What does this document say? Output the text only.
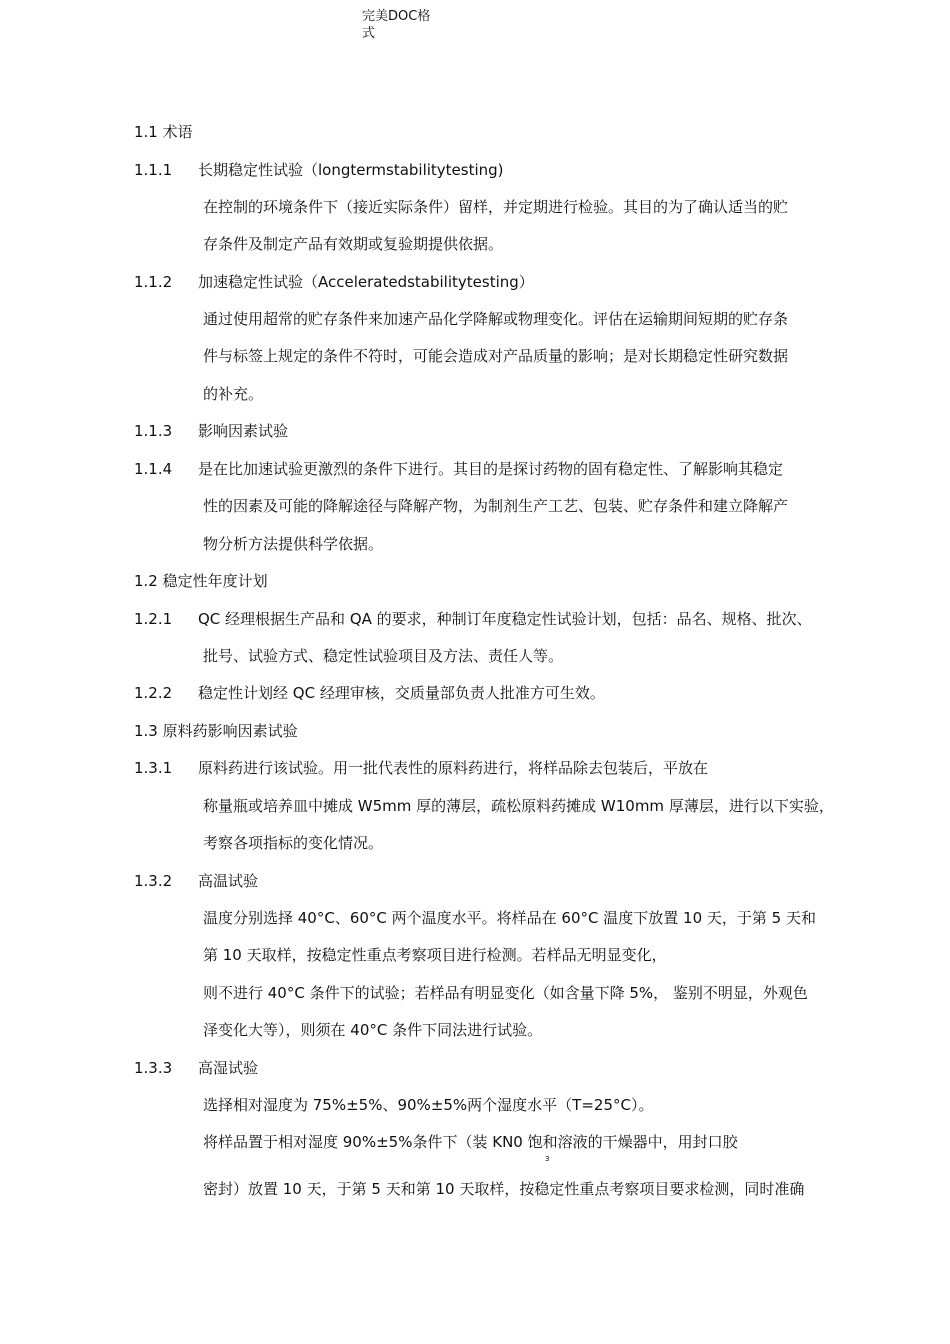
完美DOC格
式
1.1 术语
1.1.1 长期稳定性试验（longtermstabilitytesting)
在控制的环境条件下（接近实际条件）留样，并定期进行检验。其目的为了确认适当的贮
存条件及制定产品有效期或复验期提供依据。
1.1.2 加速稳定性试验（Acceleratedstabilitytesting）
通过使用超常的贮存条件来加速产品化学降解或物理变化。评估在运输期间短期的贮存条
件与标签上规定的条件不符时，可能会造成对产品质量的影响；是对长期稳定性研究数据
的补充。
1.1.3 影响因素试验
1.1.4 是在比加速试验更激烈的条件下进行。其目的是探讨药物的固有稳定性、了解影响其稳定
性的因素及可能的降解途径与降解产物，为制剂生产工艺、包装、贮存条件和建立降解产
物分析方法提供科学依据。
1.2 稳定性年度计划
1.2.1 QC 经理根据生产品和 QA 的要求，种制订年度稳定性试验计划，包括：品名、规格、批次、
批号、试验方式、稳定性试验项目及方法、责任人等。
1.2.2 稳定性计划经 QC 经理审核，交质量部负责人批准方可生效。
1.3 原料药影响因素试验
1.3.1 原料药进行该试验。用一批代表性的原料药进行，将样品除去包装后，平放在
称量瓶或培养皿中摊成 W5mm 厚的薄层，疏松原料药摊成 W10mm 厚薄层，进行以下实验，
考察各项指标的变化情况。
1.3.2 高温试验
温度分别选择 40°C、60°C 两个温度水平。将样品在 60°C 温度下放置 10 天，于第 5 天和
第 10 天取样，按稳定性重点考察项目进行检测。若样品无明显变化，
则不进行 40°C 条件下的试验；若样品有明显变化（如含量下降 5%， 鉴别不明显，外观色
泽变化大等），则须在 40°C 条件下同法进行试验。
1.3.3 高湿试验
选择相对湿度为 75%±5%、90%±5%两个湿度水平（T=25°C）。
将样品置于相对湿度 90%±5%条件下（装 KN0 饱和溶液的干燥器中，用封口胶
3
密封）放置 10 天，于第 5 天和第 10 天取样，按稳定性重点考察项目要求检测，同时准确
